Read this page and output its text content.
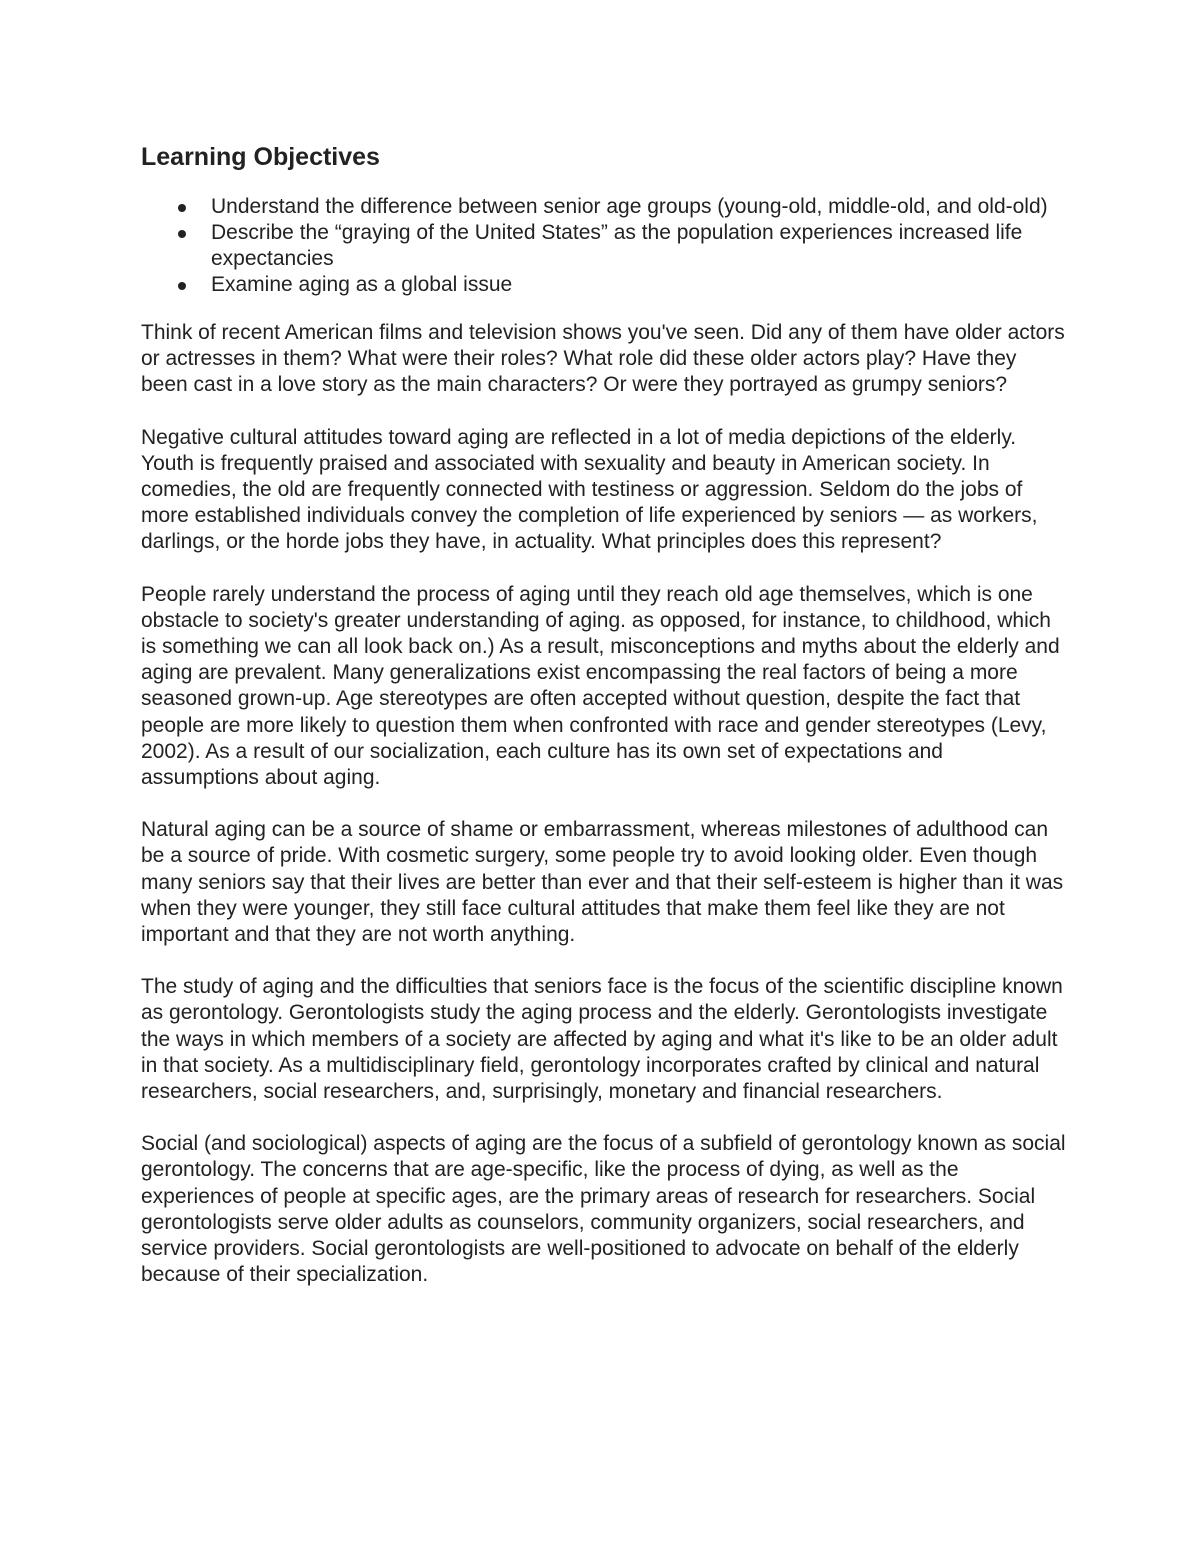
Learning Objectives
Understand the difference between senior age groups (young-old, middle-old, and old-old)
Describe the “graying of the United States” as the population experiences increased life expectancies
Examine aging as a global issue

Think of recent American films and television shows you've seen. Did any of them have older actors or actresses in them? What were their roles? What role did these older actors play? Have they been cast in a love story as the main characters? Or were they portrayed as grumpy seniors?

Negative cultural attitudes toward aging are reflected in a lot of media depictions of the elderly. Youth is frequently praised and associated with sexuality and beauty in American society. In comedies, the old are frequently connected with testiness or aggression. Seldom do the jobs of more established individuals convey the completion of life experienced by seniors — as workers, darlings, or the horde jobs they have, in actuality. What principles does this represent?

People rarely understand the process of aging until they reach old age themselves, which is one obstacle to society's greater understanding of aging. as opposed, for instance, to childhood, which is something we can all look back on.) As a result, misconceptions and myths about the elderly and aging are prevalent. Many generalizations exist encompassing the real factors of being a more seasoned grown-up. Age stereotypes are often accepted without question, despite the fact that people are more likely to question them when confronted with race and gender stereotypes (Levy, 2002). As a result of our socialization, each culture has its own set of expectations and assumptions about aging.

Natural aging can be a source of shame or embarrassment, whereas milestones of adulthood can be a source of pride. With cosmetic surgery, some people try to avoid looking older. Even though many seniors say that their lives are better than ever and that their self-esteem is higher than it was when they were younger, they still face cultural attitudes that make them feel like they are not important and that they are not worth anything.

The study of aging and the difficulties that seniors face is the focus of the scientific discipline known as gerontology. Gerontologists study the aging process and the elderly. Gerontologists investigate the ways in which members of a society are affected by aging and what it's like to be an older adult in that society. As a multidisciplinary field, gerontology incorporates crafted by clinical and natural researchers, social researchers, and, surprisingly, monetary and financial researchers.

Social (and sociological) aspects of aging are the focus of a subfield of gerontology known as social gerontology. The concerns that are age-specific, like the process of dying, as well as the experiences of people at specific ages, are the primary areas of research for researchers. Social gerontologists serve older adults as counselors, community organizers, social researchers, and service providers. Social gerontologists are well-positioned to advocate on behalf of the elderly because of their specialization.
